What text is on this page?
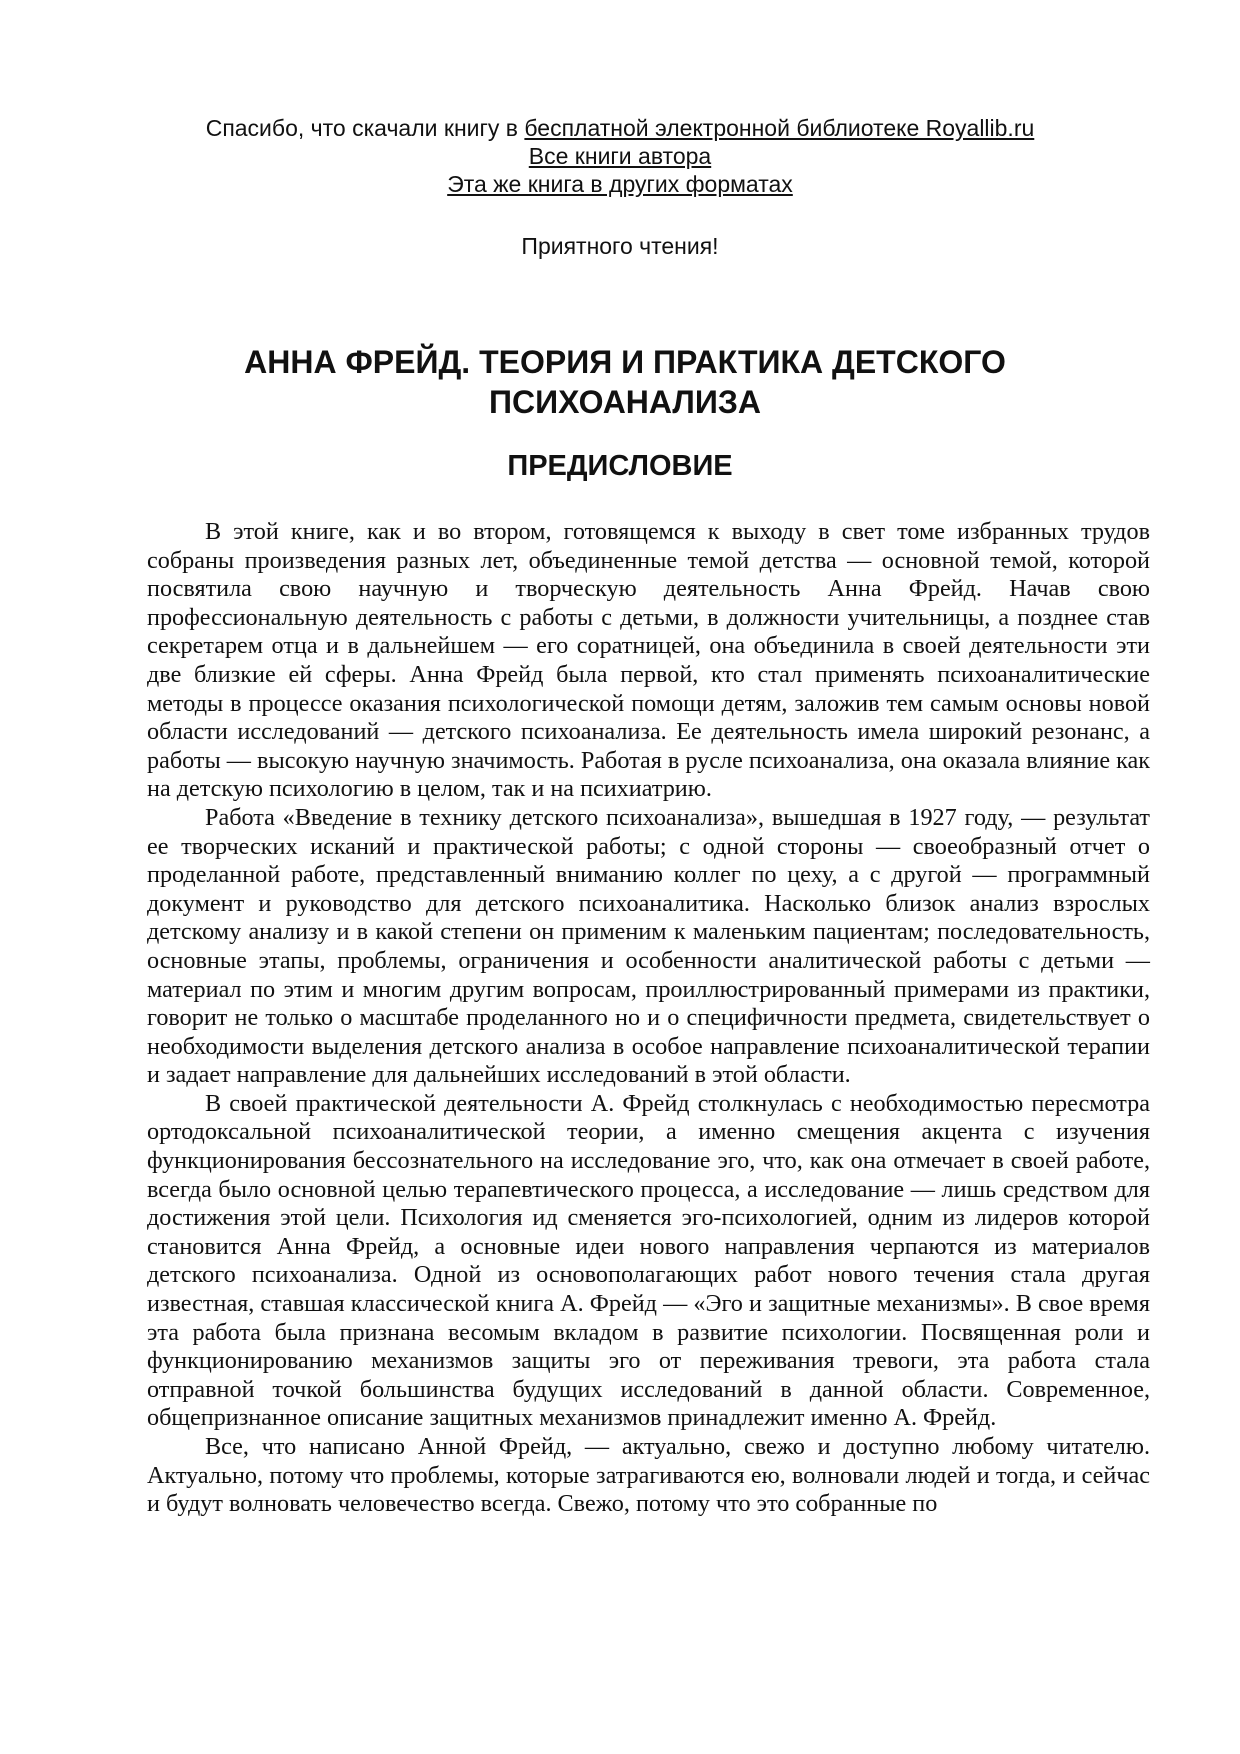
Спасибо, что скачали книгу в бесплатной электронной библиотеке Royallib.ru
Все книги автора
Эта же книга в других форматах
Приятного чтения!
АННА ФРЕЙД. ТЕОРИЯ И ПРАКТИКА ДЕТСКОГО ПСИХОАНАЛИЗА
ПРЕДИСЛОВИЕ

В этой книге, как и во втором, готовящемся к выходу в свет томе избранных трудов собраны произведения разных лет, объединенные темой детства — основной темой, которой посвятила свою научную и творческую деятельность Анна Фрейд. Начав свою профессиональную деятельность с работы с детьми, в должности учительницы, а позднее став секретарем отца и в дальнейшем — его соратницей, она объединила в своей деятельности эти две близкие ей сферы. Анна Фрейд была первой, кто стал применять психоаналитические методы в процессе оказания психологической помощи детям, заложив тем самым основы новой области исследований — детского психоанализа. Ее деятельность имела широкий резонанс, а работы — высокую научную значимость. Работая в русле психоанализа, она оказала влияние как на детскую психологию в целом, так и на психиатрию.

Работа «Введение в технику детского психоанализа», вышедшая в 1927 году, — результат ее творческих исканий и практической работы; с одной стороны — своеобразный отчет о проделанной работе, представленный вниманию коллег по цеху, а с другой — программный документ и руководство для детского психоаналитика. Насколько близок анализ взрослых детскому анализу и в какой степени он применим к маленьким пациентам; последовательность, основные этапы, проблемы, ограничения и особенности аналитической работы с детьми — материал по этим и многим другим вопросам, проиллюстрированный примерами из практики, говорит не только о масштабе проделанного но и о специфичности предмета, свидетельствует о необходимости выделения детского анализа в особое направление психоаналитической терапии и задает направление для дальнейших исследований в этой области.

В своей практической деятельности А. Фрейд столкнулась с необходимостью пересмотра ортодоксальной психоаналитической теории, а именно смещения акцента с изучения функционирования бессознательного на исследование эго, что, как она отмечает в своей работе, всегда было основной целью терапевтического процесса, а исследование — лишь средством для достижения этой цели. Психология ид сменяется эго-психологией, одним из лидеров которой становится Анна Фрейд, а основные идеи нового направления черпаются из материалов детского психоанализа. Одной из основополагающих работ нового течения стала другая известная, ставшая классической книга А. Фрейд — «Эго и защитные механизмы». В свое время эта работа была признана весомым вкладом в развитие психологии. Посвященная роли и функционированию механизмов защиты эго от переживания тревоги, эта работа стала отправной точкой большинства будущих исследований в данной области. Современное, общепризнанное описание защитных механизмов принадлежит именно А. Фрейд.

Все, что написано Анной Фрейд, — актуально, свежо и доступно любому читателю. Актуально, потому что проблемы, которые затрагиваются ею, волновали людей и тогда, и сейчас и будут волновать человечество всегда. Свежо, потому что это собранные по
